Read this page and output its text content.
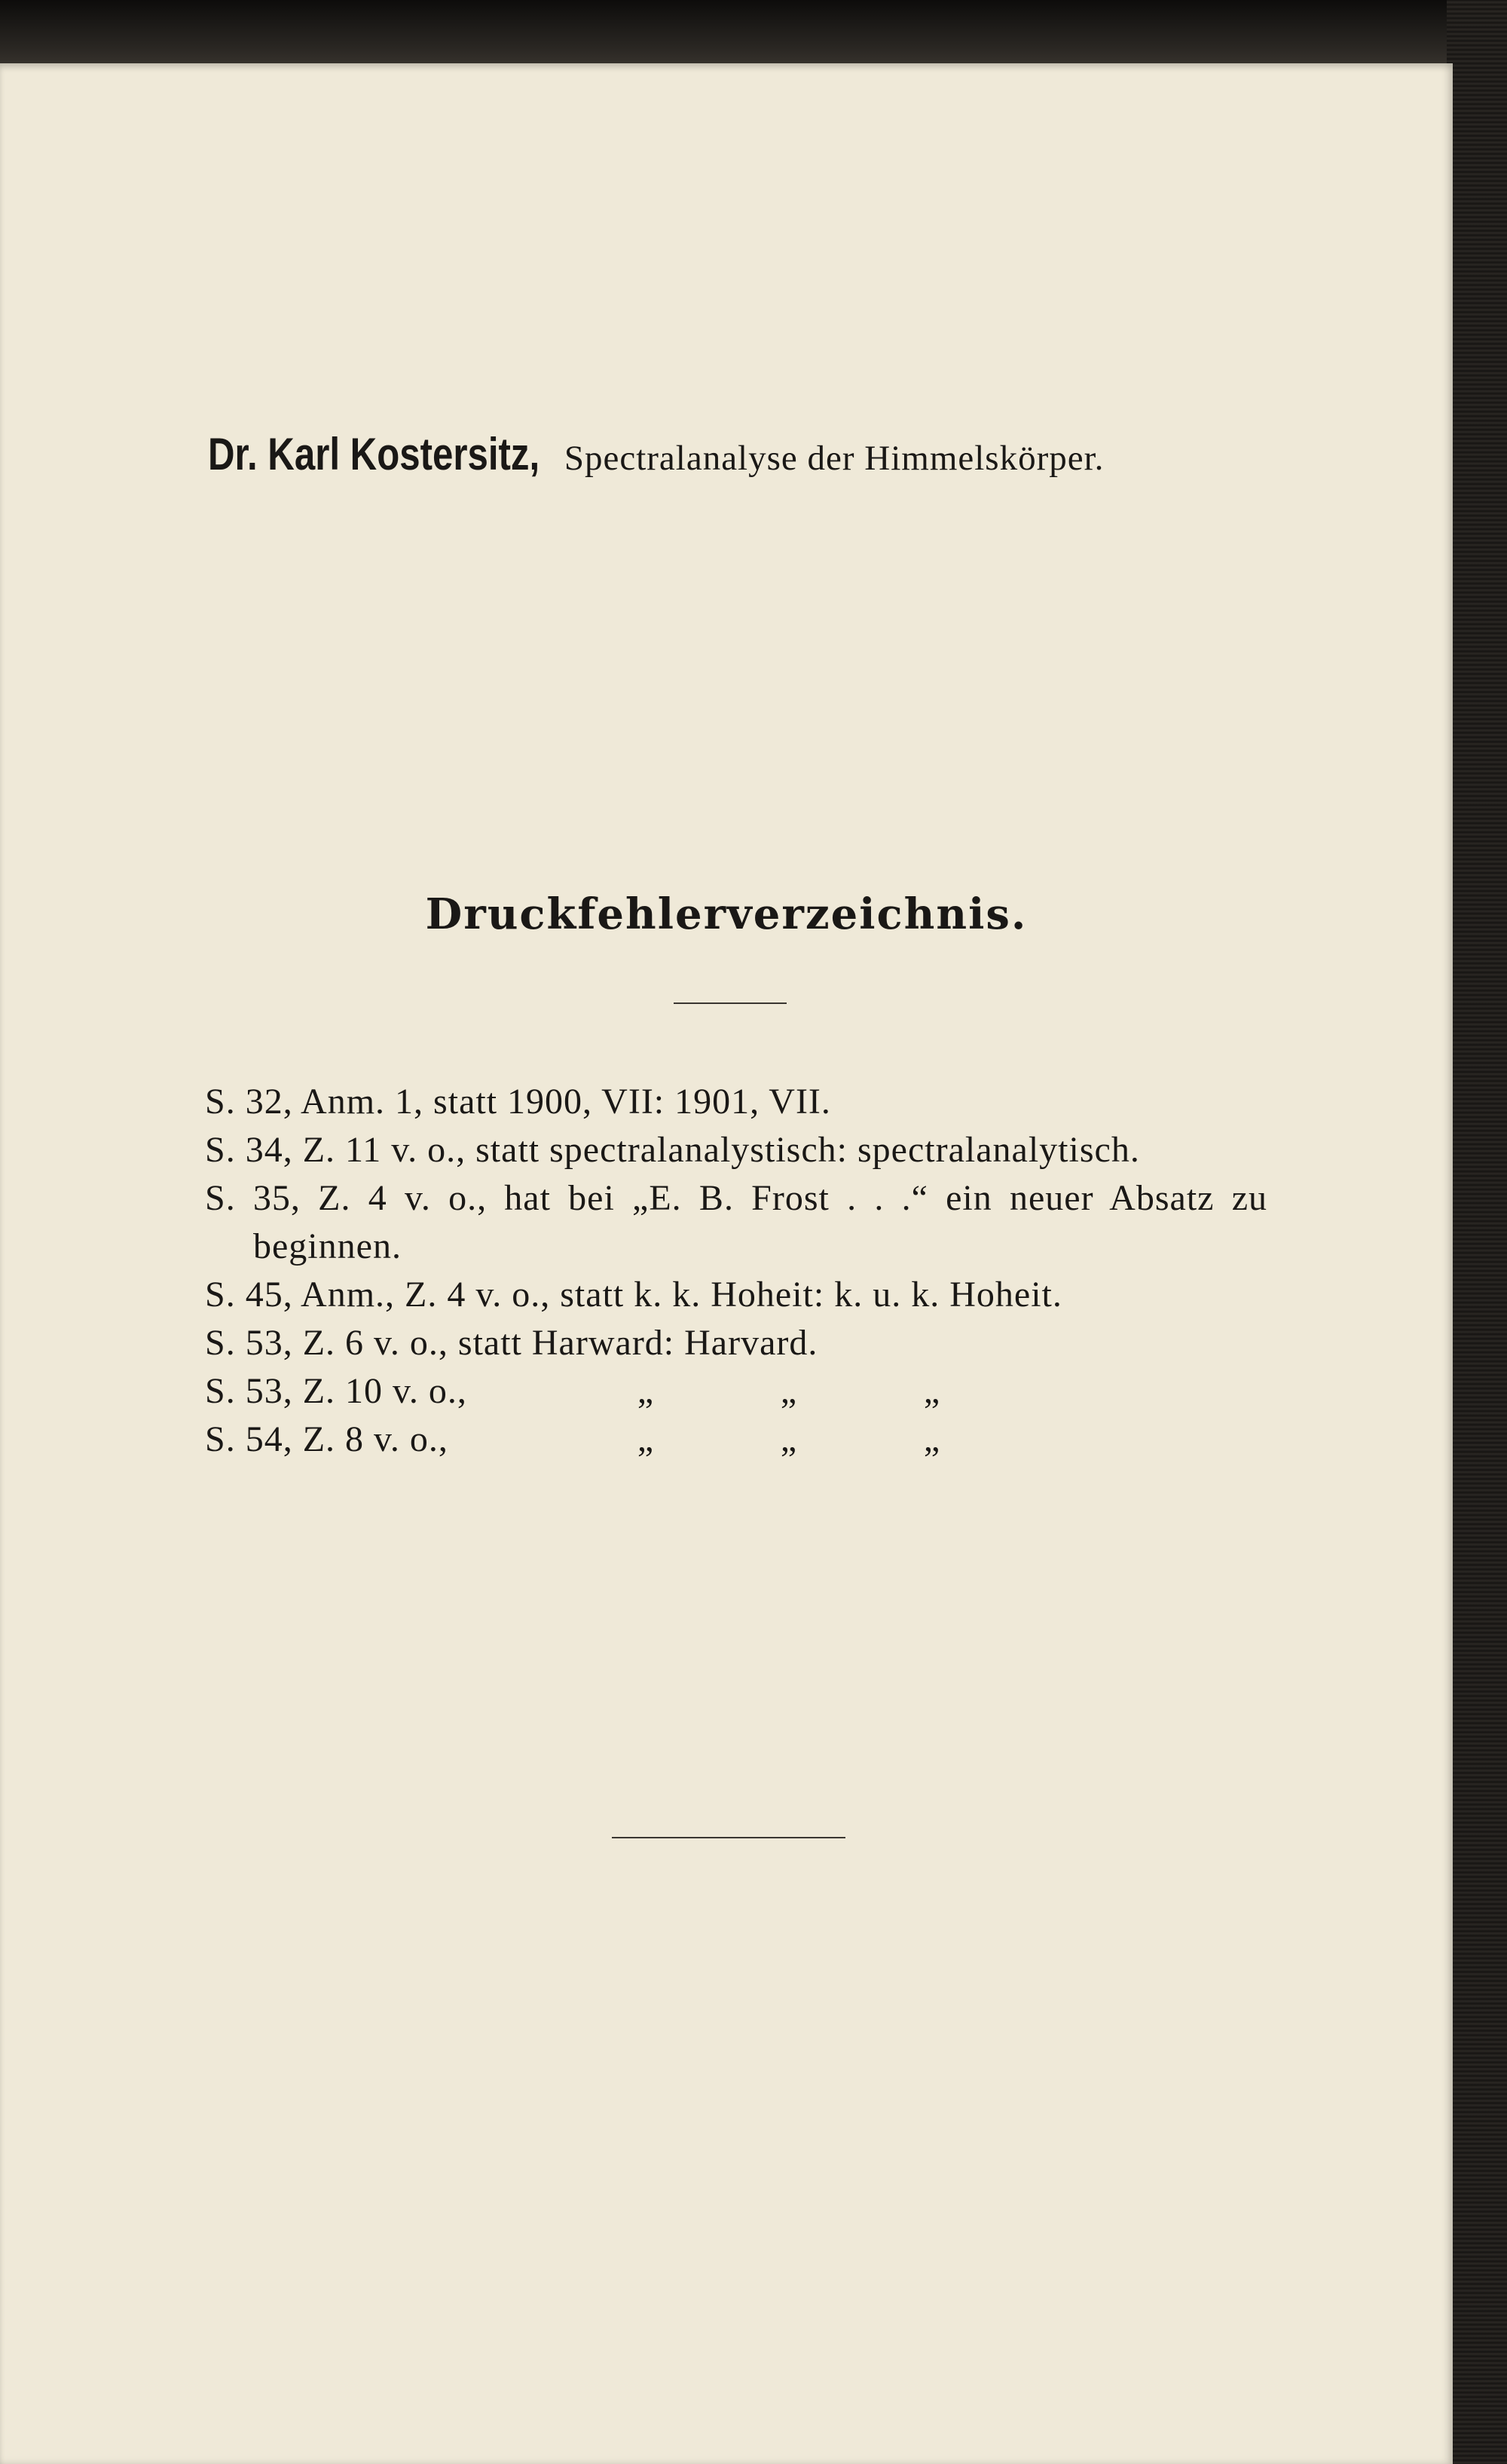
Dr. Karl Kostersitz, Spectralanalyse der Himmelskörper.
Druckfehlerverzeichnis.

S. 32, Anm. 1, statt 1900, VII: 1901, VII.

S. 34, Z. 11 v. o., statt spectralanalystisch: spectralanalytisch.

S. 35, Z. 4 v. o., hat bei „E. B. Frost . . .“ ein neuer Absatz zu beginnen.

S. 45, Anm., Z. 4 v. o., statt k. k. Hoheit: k. u. k. Hoheit.

S. 53, Z. 6 v. o., statt Harward: Harvard.

S. 53, Z. 10 v. o.,	„	„	„
S. 54, Z. 8 v. o.,	„	„	„
